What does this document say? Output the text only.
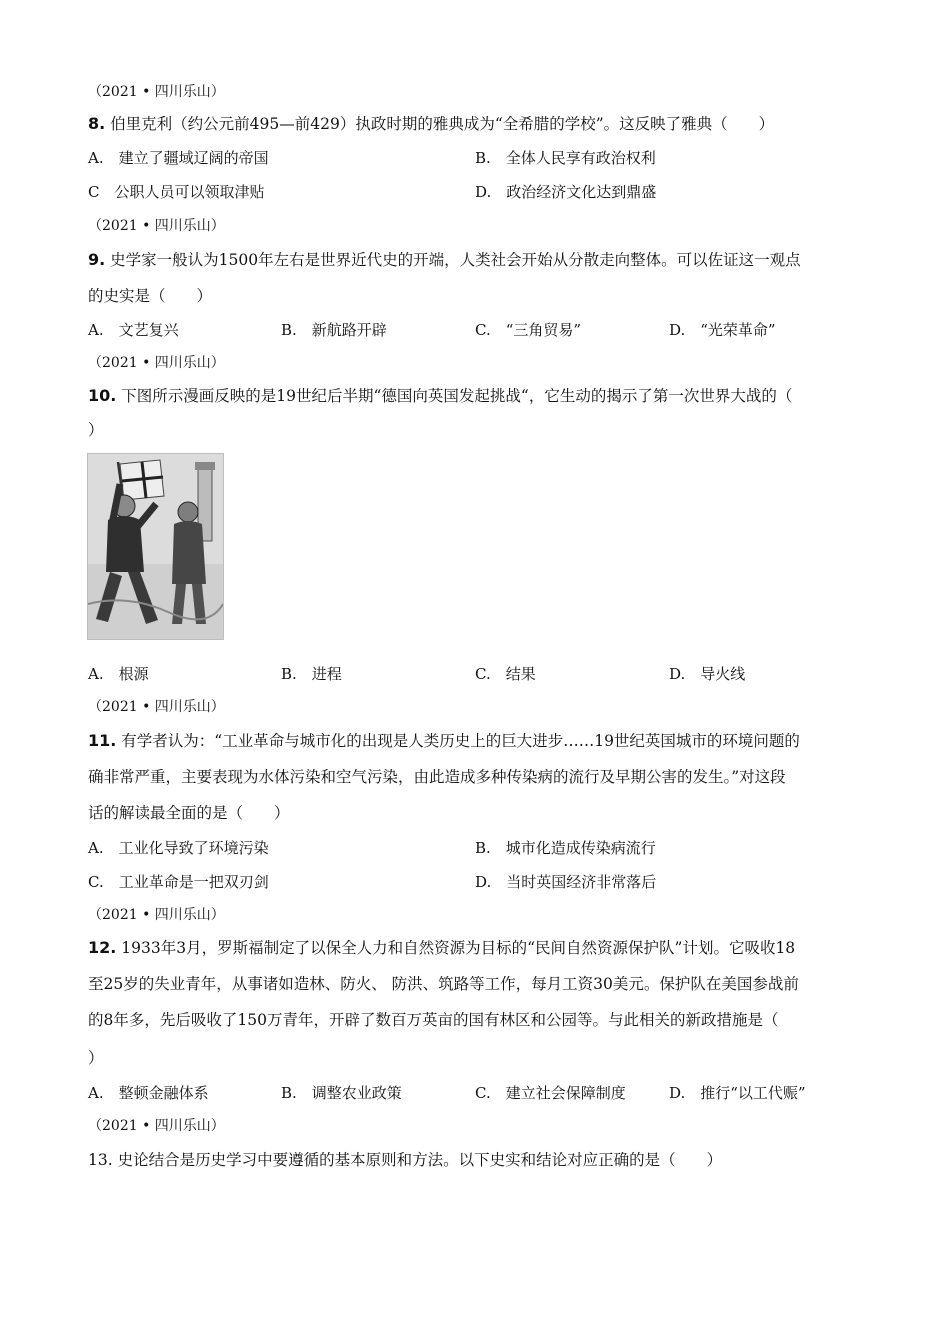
（2021 • 四川乐山）
8. 伯里克利（约公元前495—前429）执政时期的雅典成为“全希腊的学校”。这反映了雅典（　　）
A.　建立了疆域辽阔的帝国	B.　全体人民享有政治权利
C　公职人员可以领取津贴	D.　政治经济文化达到鼎盛
（2021 • 四川乐山）
9. 史学家一般认为1500年左右是世界近代史的开端，人类社会开始从分散走向整体。可以佐证这一观点
的史实是（　　）
A.　文艺复兴	B.　新航路开辟	C.　“三角贸易”	D.　“光荣革命”
（2021 • 四川乐山）
10. 下图所示漫画反映的是19世纪后半期“德国向英国发起挑战“，它生动的揭示了第一次世界大战的（
）
A.　根源	B.　进程	C.　结果	D.　导火线
（2021 • 四川乐山）
11. 有学者认为：“工业革命与城市化的出现是人类历史上的巨大进步……19世纪英国城市的环境问题的
确非常严重，主要表现为水体污染和空气污染，由此造成多种传染病的流行及早期公害的发生。”对这段
话的解读最全面的是（　　）
A.　工业化导致了环境污染	B.　城市化造成传染病流行
C.　工业革命是一把双刃剑	D.　当时英国经济非常落后
（2021 • 四川乐山）
12. 1933年3月，罗斯福制定了以保全人力和自然资源为目标的“民间自然资源保护队”计划。它吸收18
至25岁的失业青年，从事诸如造林、防火、 防洪、筑路等工作，每月工资30美元。保护队在美国参战前
的8年多，先后吸收了150万青年，开辟了数百万英亩的国有林区和公园等。与此相关的新政措施是（
）
A.　整顿金融体系	B.　调整农业政策	C.　建立社会保障制度	D.　推行“以工代赈”
（2021 • 四川乐山）
13. 史论结合是历史学习中要遵循的基本原则和方法。以下史实和结论对应正确的是（　　）
